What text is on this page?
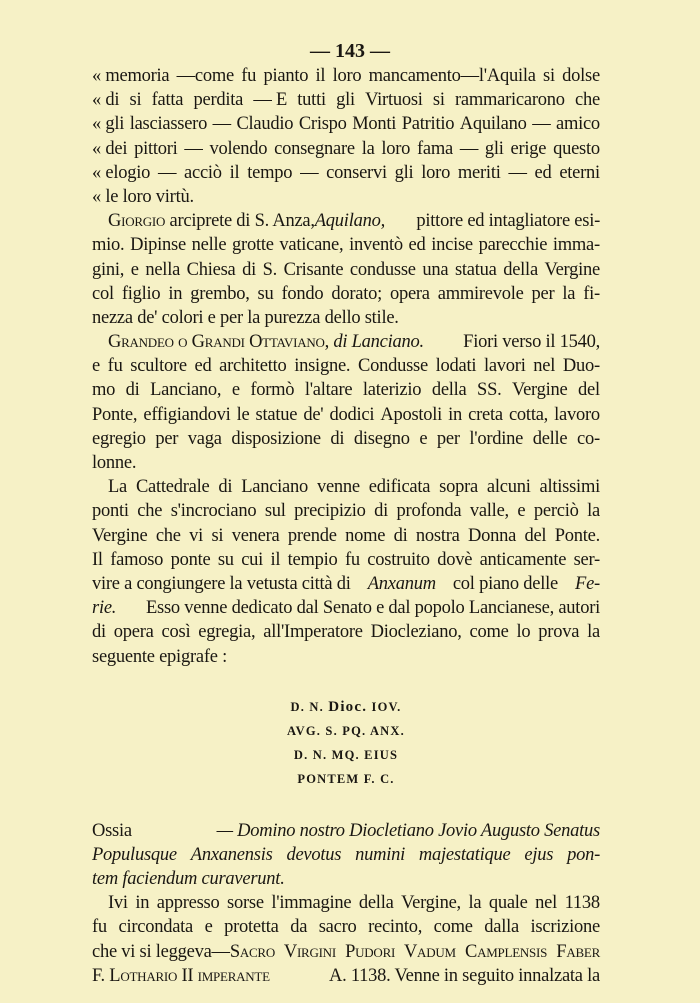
— 143 —
« memoria —come fu pianto il loro mancamento—l'Aquila si dolse
« di si fatta perdita — E tutti gli Virtuosi si rammaricarono che
« gli lasciassero — Claudio Crispo Monti Patritio Aquilano — amico
« dei pittori — volendo consegnare la loro fama — gli erige questo
« elogio — acciò il tempo — conservi gli loro meriti — ed eterni
« le loro virtù.
Giorgio arciprete di S. Anza,Aquilano, pittore ed intagliatore esi-
mio. Dipinse nelle grotte vaticane, inventò ed incise parecchie imma-
gini, e nella Chiesa di S. Crisante condusse una statua della Vergine
col figlio in grembo, su fondo dorato; opera ammirevole per la fi-
nezza de' colori e per la purezza dello stile.
Grandeo o Grandi Ottaviano, di Lanciano. Fiori verso il 1540,
e fu scultore ed architetto insigne. Condusse lodati lavori nel Duo-
mo di Lanciano, e formò l'altare laterizio della SS. Vergine del
Ponte, effigiandovi le statue de' dodici Apostoli in creta cotta, lavoro
egregio per vaga disposizione di disegno e per l'ordine delle co-
lonne.
La Cattedrale di Lanciano venne edificata sopra alcuni altissimi
ponti che s'incrociano sul precipizio di profonda valle, e perciò la
Vergine che vi si venera prende nome di nostra Donna del Ponte.
Il famoso ponte su cui il tempio fu costruito dovè anticamente ser-
vire a congiungere la vetusta città di Anxanum col piano delle Fe-
rie. Esso venne dedicato dal Senato e dal popolo Lancianese, autori
di opera così egregia, all'Imperatore Diocleziano, come lo prova la
seguente epigrafe :
D. N. Dioc. IOV.
AVG. S. PQ. ANX.
D. N. MQ. EIUS
PONTEM F. C.
Ossia	— Domino nostro Diocletiano Jovio Augusto Senatus
Populusque Anxanensis devotus numini majestatique ejus pon-
tem faciendum curaverunt.
Ivi in appresso sorse l'immagine della Vergine, la quale nel 1138
fu circondata e protetta da sacro recinto, come dalla iscrizione
che vi si leggeva— Sacro Virgini Pudori Vadum Camplensis Faber
F. Lothario II imperante	A. 1138. Venne in seguito innalzata la
